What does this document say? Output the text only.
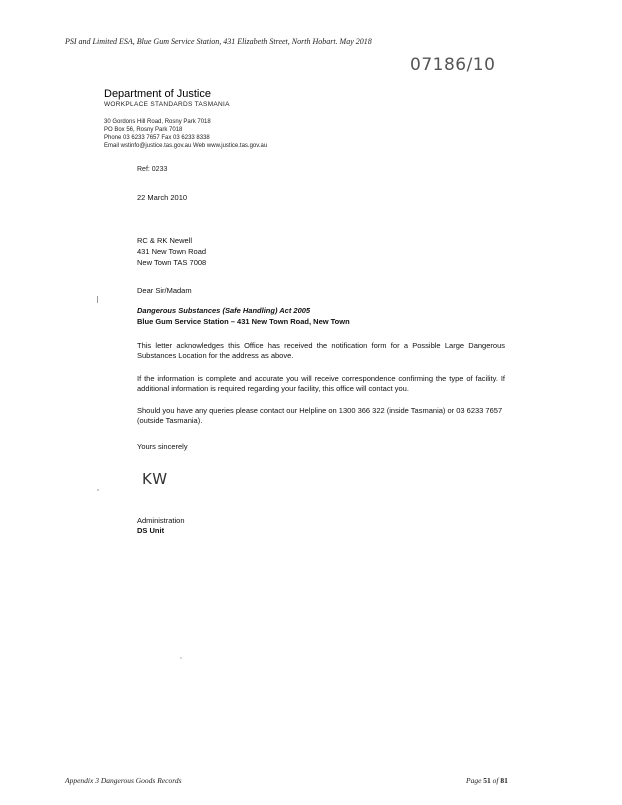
PSI and Limited ESA, Blue Gum Service Station, 431 Elizabeth Street, North Hobart. May 2018
07186/10
Department of Justice
WORKPLACE STANDARDS TASMANIA
30 Gordons Hill Road, Rosny Park 7018
PO Box 56, Rosny Park 7018
Phone 03 6233 7657 Fax 03 6233 8338
Email wstinfo@justice.tas.gov.au Web www.justice.tas.gov.au
Ref: 0233
22 March 2010
RC & RK Newell
431 New Town Road
New Town TAS 7008
Dear Sir/Madam
Dangerous Substances (Safe Handling) Act 2005
Blue Gum Service Station – 431 New Town Road, New Town
This letter acknowledges this Office has received the notification form for a Possible Large Dangerous Substances Location for the address as above.
If the information is complete and accurate you will receive correspondence confirming the type of facility. If additional information is required regarding your facility, this office will contact you.
Should you have any queries please contact our Helpline on 1300 366 322 (inside Tasmania) or 03 6233 7657 (outside Tasmania).
Yours sincerely
KW
Administration
DS Unit
Appendix 3 Dangerous Goods Records	Page 51 of 81
